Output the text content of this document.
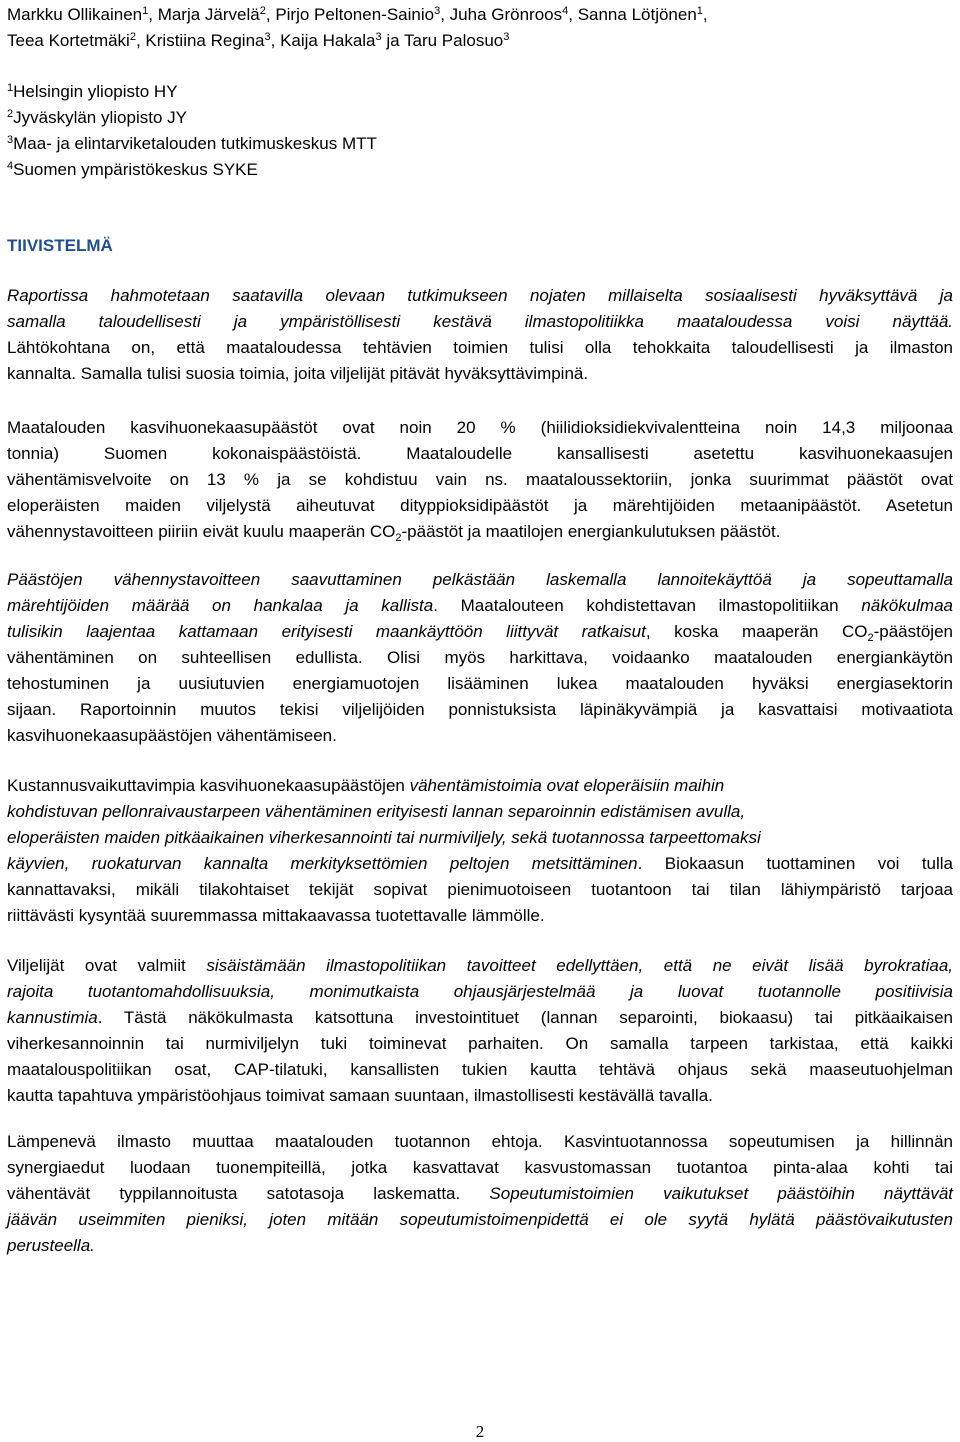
Markku Ollikainen$^1$, Marja Järvelä$^2$, Pirjo Peltonen-Sainio$^3$, Juha Grönroos$^4$, Sanna Lötjönen$^1$,

Teea Kortetmäki$^2$, Kristiina Regina$^3$, Kaija Hakala$^3$ ja Taru Palosuo$^3$

$^1$Helsingin yliopisto HY

$^2$Jyväskylän yliopisto JY

$^3$Maa- ja elintarviketalouden tutkimuskeskus MTT

$^4$Suomen ympäristökeskus SYKE

TIIVISTELMÄ

Raportissa hahmotetaan saatavilla olevaan tutkimukseen nojaten millaiselta sosiaalisesti hyväksyttävä ja

samalla taloudellisesti ja ympäristöllisesti kestävä ilmastopolitiikka maataloudessa voisi näyttää.

Lähtökohtana on, että maataloudessa tehtävien toimien tulisi olla tehokkaita taloudellisesti ja ilmaston

kannalta. Samalla tulisi suosia toimia, joita viljelijät pitävät hyväksyttävimpinä.

Maatalouden kasvihuonekaasupäästöt ovat noin 20 % (hiilidioksidiekvivalentteina noin 14,3 miljoonaa

tonnia) Suomen kokonaispäästöistä. Maataloudelle kansallisesti asetettu kasvihuonekaasujen

vähentämisvelvoite on 13 % ja se kohdistuu vain ns. maataloussektoriin, jonka suurimmat päästöt ovat

eloperäisten maiden viljelystä aiheutuvat dityppioksidipäästöt ja märehtijöiden metaanipäästöt. Asetetun

vähennystavoitteen piiriin eivät kuulu maaperän $CO_2$-päästöt ja maatilojen energiankulutuksen päästöt.

Päästöjen vähennystavoitteen saavuttaminen pelkästään laskemalla lannoitekäyttöä ja sopeuttamalla

märehtijöiden määrää on hankalaa ja kallista. Maatalouteen kohdistettavan ilmastopolitiikan näkökulmaa

tulisikin laajentaa kattamaan erityisesti maankäyttöön liittyvät ratkaisut, koska maaperän $CO_2$-päästöjen

vähentäminen on suhteellisen edullista. Olisi myös harkittava, voidaanko maatalouden energiankäytön

tehostuminen ja uusiutuvien energiamuotojen lisääminen lukea maatalouden hyväksi energiasektorin

sijaan. Raportoinnin muutos tekisi viljelijöiden ponnistuksista läpinäkyvämpiä ja kasvattaisi motivaatiota

kasvihuonekaasupäästöjen vähentämiseen.

Kustannusvaikuttavimpia kasvihuonekaasupäästöjen vähentämistoimia ovat eloperäisiin maihin

kohdistuvan pellonraivaustarpeen vähentäminen erityisesti lannan separoinnin edistämisen avulla,

eloperäisten maiden pitkäaikainen viherkesannointi tai nurmiviljely, sekä tuotannossa tarpeettomaksi

käyvien, ruokaturvan kannalta merkityksettömien peltojen metsittäminen. Biokaasun tuottaminen voi tulla

kannattavaksi, mikäli tilakohtaiset tekijät sopivat pienimuotoiseen tuotantoon tai tilan lähiympäristö tarjoaa

riittävästi kysyntää suuremmassa mittakaavassa tuotettavalle lämmölle.

Viljelijät ovat valmiit sisäistämään ilmastopolitiikan tavoitteet edellyttäen, että ne eivät lisää byrokratiaa,

rajoita tuotantomahdollisuuksia, monimutkaista ohjausjärjestelmää ja luovat tuotannolle positiivisia

kannustimia. Tästä näkökulmasta katsottuna investointituet (lannan separointi, biokaasu) tai pitkäaikaisen

viherkesannoinnin tai nurmiviljelyn tuki toiminevat parhaiten. On samalla tarpeen tarkistaa, että kaikki

maatalouspolitiikan osat, CAP-tilatuki, kansallisten tukien kautta tehtävä ohjaus sekä maaseutuohjelman

kautta tapahtuva ympäristöohjaus toimivat samaan suuntaan, ilmastollisesti kestävällä tavalla.

Lämpenevä ilmasto muuttaa maatalouden tuotannon ehtoja. Kasvintuotannossa sopeutumisen ja hillinnän

synergiaedut luodaan tuonempiteillä, jotka kasvattavat kasvustomassan tuotantoa pinta-alaa kohti tai

vähentävät typpilannoitusta satotasoja laskematta. Sopeutumistoimien vaikutukset päästöihin näyttävät

jäävän useimmiten pieniksi, joten mitään sopeutumistoimenpidettä ei ole syytä hylätä päästövaikutusten

perusteella.

2
